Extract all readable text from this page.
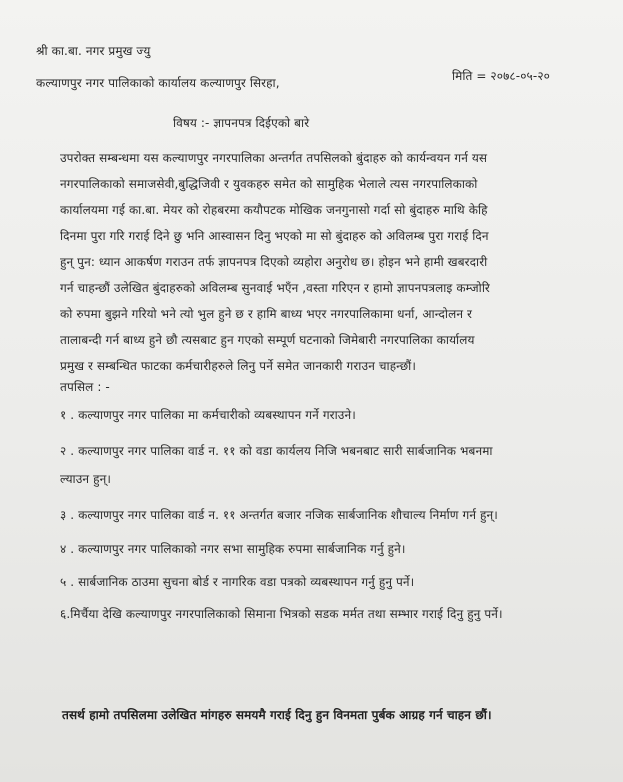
श्री का.बा. नगर प्रमुख ज्यु
कल्याणपुर नगर पालिकाको कार्यालय कल्याणपुर सिरहा,	मिति = २०७८-०५-२०
विषय :- ज्ञापनपत्र दिईएको बारे
उपरोक्त सम्बन्धमा यस कल्याणपुर नगरपालिका अन्तर्गत तपसिलको बुंदाहरु को कार्यन्वयन गर्न यस
नगरपालिकाको समाजसेवी,बुद्धिजिवी र युवकहरु समेत को सामुहिक भेलाले त्यस नगरपालिकाको
कार्यालयमा गई का.बा. मेयर को रोहबरमा कयौपटक मोखिक जनगुनासो गर्दा सो बुंदाहरु माथि केहि
दिनमा पुरा गरि गराई दिने छु भनि आस्वासन दिनु भएको मा सो बुंदाहरु को अविलम्ब पुरा गराई दिन
हुन् पुन: ध्यान आकर्षण गराउन तर्फ ज्ञापनपत्र दिएको व्यहोरा अनुरोध छ। होइन भने हामी खबरदारी
गर्न चाहन्छौं उलेखित बुंदाहरुको अविलम्ब सुनवाई भएँन ,वस्ता गरिएन र हामो ज्ञापनपत्रलाइ कम्जोरि
को रुपमा बुझने गरियो भने त्यो भुल हुने छ र हामि बाध्य भएर नगरपालिकामा धर्ना, आन्दोलन र
तालाबन्दी गर्न बाध्य हुने छौ त्यसबाट हुन गएको सम्पूर्ण घटनाको जिमेबारी नगरपालिका कार्यालय
प्रमुख र सम्बन्धित फाटका कर्मचारीहरुले लिनु पर्ने समेत जानकारी गराउन चाहन्छौं।
तपसिल : -
१ . कल्याणपुर नगर पालिका मा कर्मचारीको व्यबस्थापन गर्ने गराउने।
२ . कल्याणपुर नगर पालिका वार्ड न. ११ को वडा कार्यलय निजि भबनबाट सारी सार्बजानिक भबनमा
ल्याउन हुन्।
३ . कल्याणपुर नगर पालिका वार्ड न. ११ अन्तर्गत बजार नजिक सार्बजानिक शौचाल्य निर्माण गर्न हुन्।
४ . कल्याणपुर नगर पालिकाको नगर सभा सामुहिक रुपमा सार्बजानिक गर्नु हुने।
५ . सार्बजानिक ठाउमा सुचना बोर्ड र नागरिक वडा पत्रको व्यबस्थापन गर्नु हुनु पर्ने।
६.मिर्चैया देखि कल्याणपुर नगरपालिकाको सिमाना भित्रको सडक मर्मत तथा सम्भार गराई दिनु हुनु पर्ने।
तसर्थ हामो तपसिलमा उलेखित मांगहरु समयमै गराई दिनु हुन विनमता पुर्बक आग्रह गर्न चाहन छौं।
